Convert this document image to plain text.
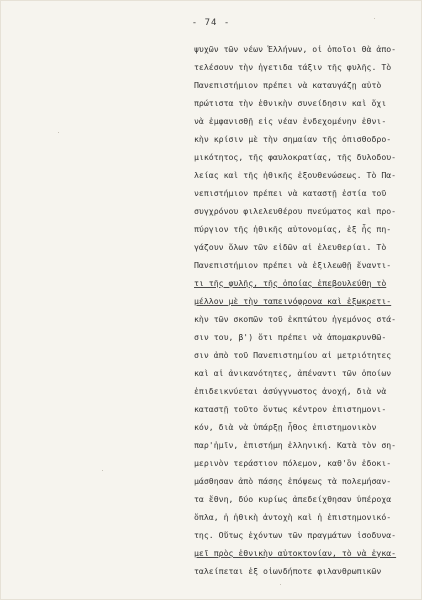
- 74 -
ψυχῶν τῶν νέων Ἑλλήνων, οἱ ὁποῖοι θὰ ἀπο-
τελέσουν τὴν ἡγετιδα τάξιν τῆς φυλῆς. Τὸ
Πανεπιστήμιον πρέπει νὰ καταυγάζῃ αὐτὸ
πρώτιστα τὴν ἐθνικὴν συνείδησιν καὶ ὄχι
νὰ ἐμφανισθῇ εἰς νέαν ἐνδεχομένην ἐθνι-
κὴν κρίσιν μὲ τὴν σημαίαν τῆς ὀπισθοδρο-
μικότητος, τῆς φαυλοκρατίας, τῆς δυλοδου-
λείας καὶ τῆς ἠθικῆς ἐξουθενώσεως. Τὸ Πα-
νεπιστήμιον πρέπει νὰ καταστῇ ἑστία τοῦ
συγχρόνου φιλελευθέρου πνεύματος καὶ προ-
πύργιον τῆς ἠθικῆς αὐτονομίας, ἐξ ἧς πη-
γάζουν ὅλων τῶν εἰδῶν αἱ ἐλευθερίαι. Τὸ
Πανεπιστήμιον πρέπει νὰ ἐξιλεωθῇ ἔναντι-
τι τῆς φυλῆς, τῆς ὁποίας ἐπεβουλεύθη τὸ
μέλλον μὲ τὴν ταπεινόφρονα καὶ ἐξωκρετι-
κὴν τῶν σκοπῶν τοῦ ἐκπτώτου ἡγεμόνος στά-
σιν του, β') ὅτι πρέπει νὰ ἀπομακρυνθῶ-
σιν ἀπὸ τοῦ Πανεπιστημίου αἱ μετριότητες
καὶ αἱ ἀνικανότητες, ἀπέναντι τῶν ὁποίων
ἐπιδεικνύεται ἀσύγγνωστος ἀνοχή, διὰ νὰ
καταστῇ τοῦτο ὄντως κέντρον ἐπιστημονι-
κόν, διὰ νὰ ὑπάρξῃ ἦθος ἐπιστημονικὸν
παρ'ἡμῖν, ἐπιστήμη ἑλληνική. Κατὰ τὸν ση-
μερινὸν τεράστιον πόλεμον, καθ'ὃν ἐδοκι-
μάσθησαν ἀπὸ πάσης ἐπόψεως τὰ πολεμήσαν-
τα ἔθνη, δύο κυρίως ἀπεδείχθησαν ὑπέροχα
ὅπλα, ἡ ἠθικὴ ἀντοχὴ καὶ ἡ ἐπιστημονικό-
της. Οὕτως ἐχόντων τῶν πραγμάτων ἰσοδυνα-
μεῖ πρὸς ἐθνικὴν αὐτοκτονίαν, τὸ νὰ ἐγκα-
ταλείπεται ἐξ οἱωνδήποτε φιλανθρωπικῶν
